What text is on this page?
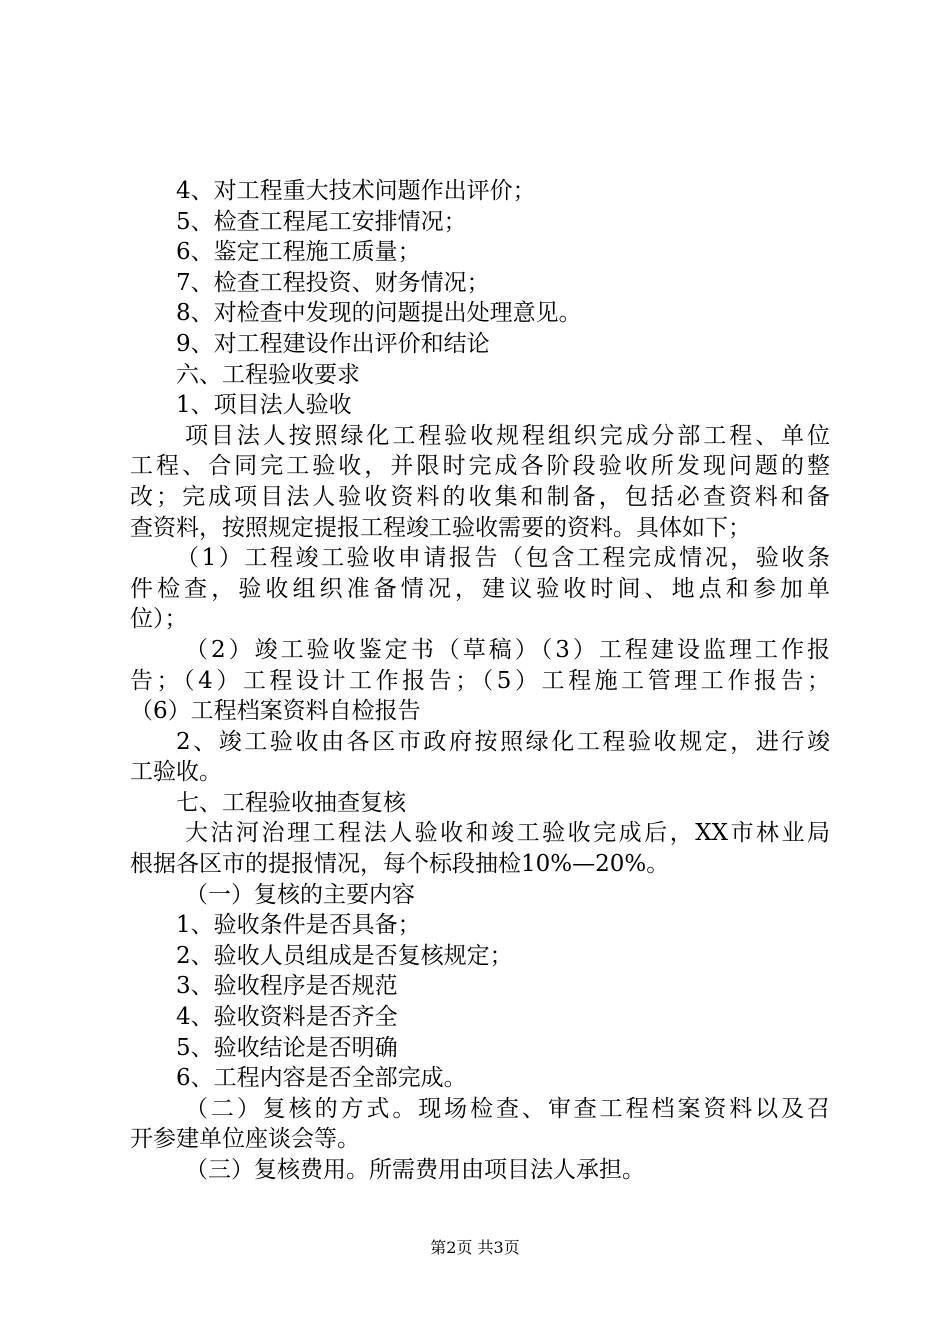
4、对工程重大技术问题作出评价；
5、检查工程尾工安排情况；
6、鉴定工程施工质量；
7、检查工程投资、财务情况；
8、对检查中发现的问题提出处理意见。
9、对工程建设作出评价和结论
六、工程验收要求
1、项目法人验收
项目法人按照绿化工程验收规程组织完成分部工程、单位
工程、合同完工验收，并限时完成各阶段验收所发现问题的整
改；完成项目法人验收资料的收集和制备，包括必查资料和备
查资料，按照规定提报工程竣工验收需要的资料。具体如下；
（1）工程竣工验收申请报告（包含工程完成情况，验收条
件检查，验收组织准备情况，建议验收时间、地点和参加单
位）；
（2）竣工验收鉴定书（草稿）（3）工程建设监理工作报
告；（4）工程设计工作报告；（5）工程施工管理工作报告；
（6）工程档案资料自检报告
2、竣工验收由各区市政府按照绿化工程验收规定，进行竣
工验收。
七、工程验收抽查复核
大沽河治理工程法人验收和竣工验收完成后，XX市林业局
根据各区市的提报情况，每个标段抽检10%—20%。
（一）复核的主要内容
1、验收条件是否具备；
2、验收人员组成是否复核规定；
3、验收程序是否规范
4、验收资料是否齐全
5、验收结论是否明确
6、工程内容是否全部完成。
（二）复核的方式。现场检查、审查工程档案资料以及召
开参建单位座谈会等。
（三）复核费用。所需费用由项目法人承担。
第2页 共3页
